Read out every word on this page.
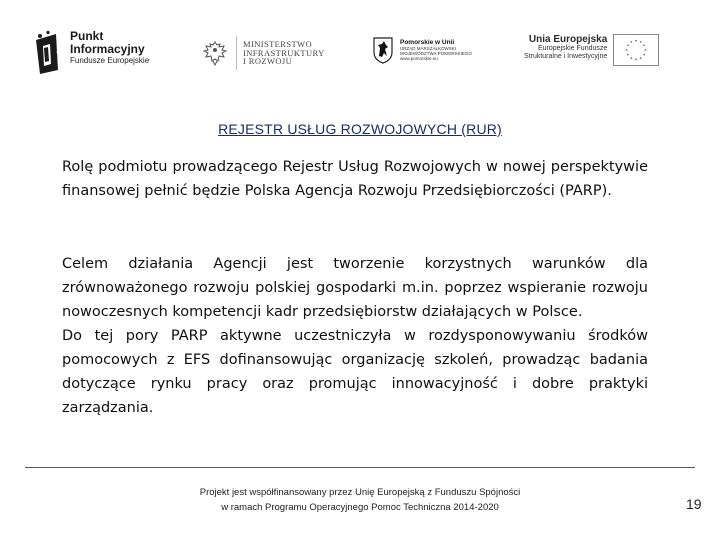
Punkt
Informacyjny
Fundusze Europejskie
MINISTERSTWO
INFRASTRUKTURY
I ROZWOJU
Pomorskie w Unii
URZĄD MARSZAŁKOWSKI
WOJEWÓDZTWA POMORSKIEGO
www.pomorskie.eu
Unia Europejska
Europejskie Fundusze
Strukturalne i Inwestycyjne
REJESTR USŁUG ROZWOJOWYCH (RUR)

Rolę podmiotu prowadzącego Rejestr Usług Rozwojowych w nowej perspektywie finansowej pełnić będzie Polska Agencja Rozwoju Przedsiębiorczości (PARP).

Celem działania Agencji jest tworzenie korzystnych warunków dla zrównoważonego rozwoju polskiej gospodarki m.in. poprzez wspieranie rozwoju nowoczesnych kompetencji kadr przedsiębiorstw działających w Polsce.
Do tej pory PARP aktywne uczestniczyła w rozdysponowywaniu środków pomocowych z EFS dofinansowując organizację szkoleń, prowadząc badania dotyczące rynku pracy oraz promując innowacyjność i dobre praktyki zarządzania.
Projekt jest współfinansowany przez Unię Europejską z Funduszu Spójności
w ramach Programu Operacyjnego Pomoc Techniczna 2014-2020	19
